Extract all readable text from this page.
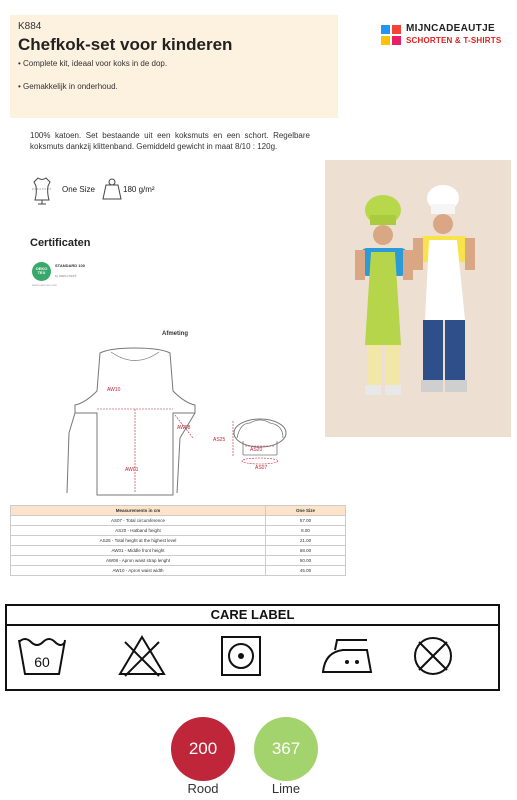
K884
Chefkok-set voor kinderen
• Complete kit, ideaal voor koks in de dop.
• Gemakkelijk in onderhoud.
MIJNCADEAUTJE
SCHORTEN & T-SHIRTS
100% katoen. Set bestaande uit een koksmuts en een schort. Regelbare koksmuts dankzij klittenband. Gemiddeld gewicht in maat 8/10 : 120g.
One Size	180 g/m²
Certificaten
OEKO TEX
STANDARD 100
by OEKO-TEX®
www.oeko-tex.com
Afmeting
AW10
AW08
AW01
AS25
AS20
AS07
Measurements in cm	One Size
AS07 - Total circumference	57.00
AS20 - Hatband height	8.00
AS25 - Total height at the highest level	21.00
AW01 - Middle front height	68.00
AW08 - Apron waist strap lenght	50.00
AW10 - Apron waist width	45.00
CARE LABEL
60
200
Rood
367
Lime
